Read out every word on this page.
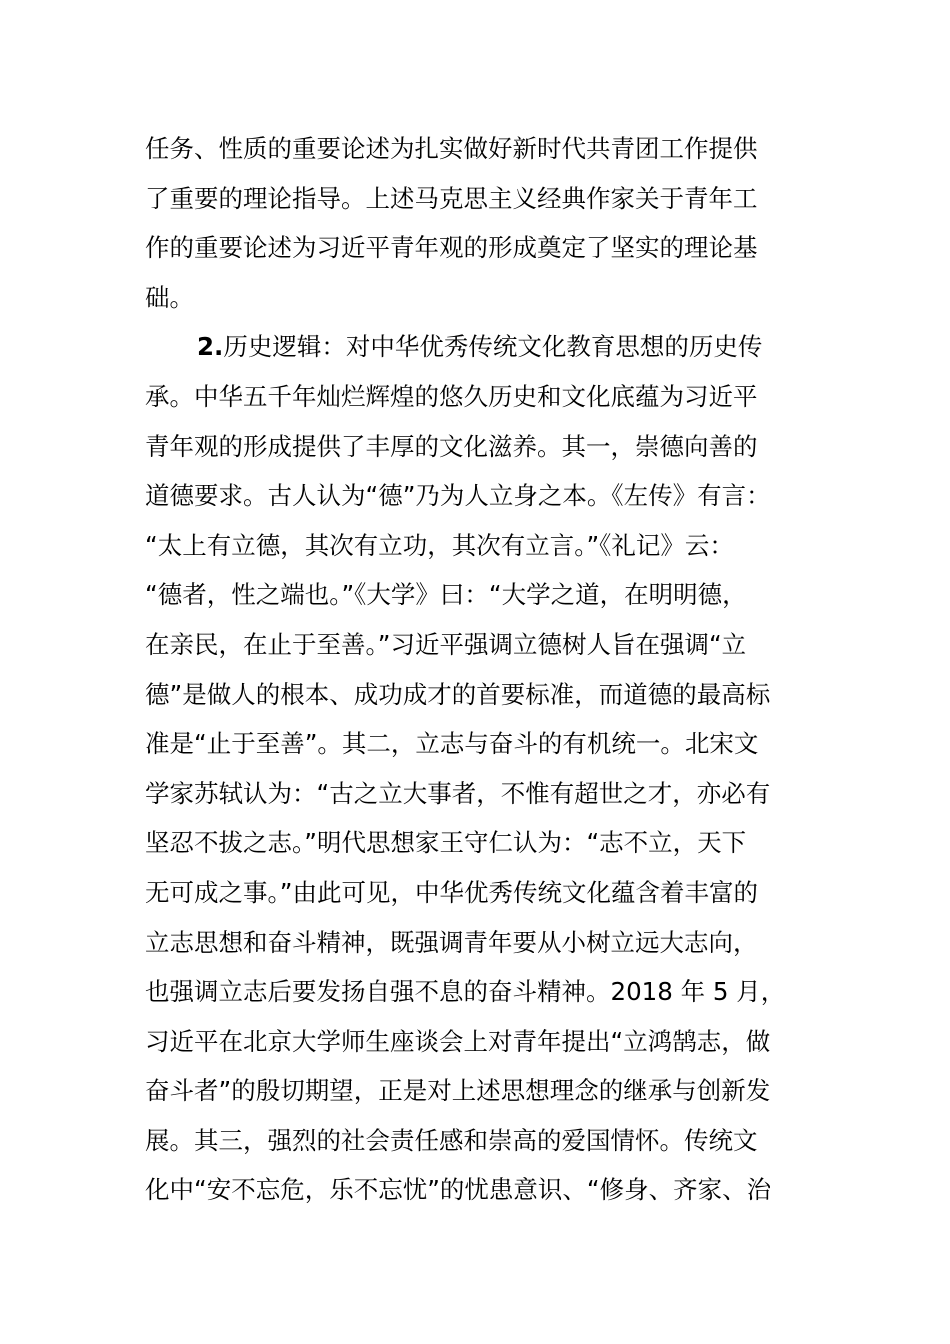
任务、性质的重要论述为扎实做好新时代共青团工作提供
了重要的理论指导。上述马克思主义经典作家关于青年工
作的重要论述为习近平青年观的形成奠定了坚实的理论基
础。
2.历史逻辑：对中华优秀传统文化教育思想的历史传
承。中华五千年灿烂辉煌的悠久历史和文化底蕴为习近平
青年观的形成提供了丰厚的文化滋养。其一，崇德向善的
道德要求。古人认为“德”乃为人立身之本。《左传》有言：
“太上有立德，其次有立功，其次有立言。”《礼记》云：
“德者，性之端也。”《大学》曰：“大学之道，在明明德，
在亲民，在止于至善。”习近平强调立德树人旨在强调“立
德”是做人的根本、成功成才的首要标准，而道德的最高标
准是“止于至善”。其二，立志与奋斗的有机统一。北宋文
学家苏轼认为：“古之立大事者，不惟有超世之才，亦必有
坚忍不拔之志。”明代思想家王守仁认为：“志不立，天下
无可成之事。”由此可见，中华优秀传统文化蕴含着丰富的
立志思想和奋斗精神，既强调青年要从小树立远大志向，
也强调立志后要发扬自强不息的奋斗精神。2018 年 5 月，
习近平在北京大学师生座谈会上对青年提出“立鸿鹄志，做
奋斗者”的殷切期望，正是对上述思想理念的继承与创新发
展。其三，强烈的社会责任感和崇高的爱国情怀。传统文
化中“安不忘危，乐不忘忧”的忧患意识、“修身、齐家、治
